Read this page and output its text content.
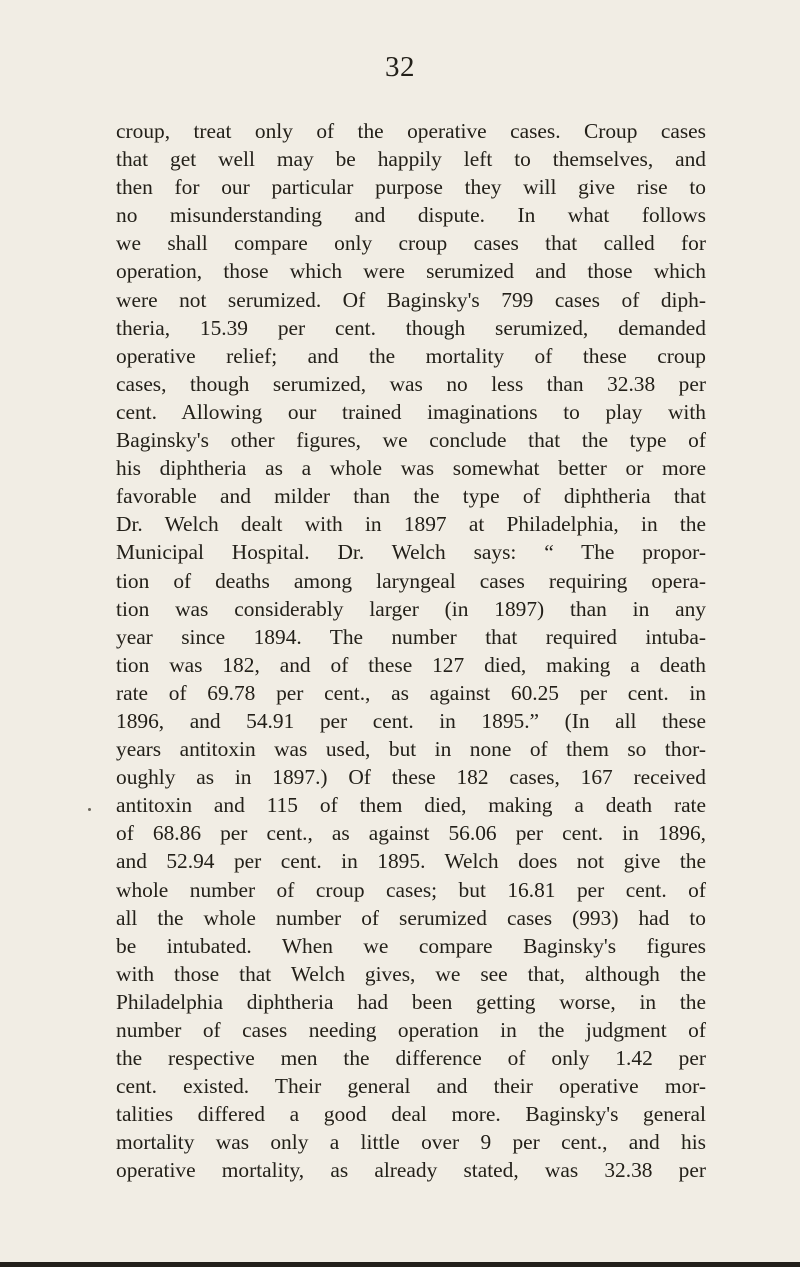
32
croup, treat only of the operative cases. Croup cases
that get well may be happily left to themselves, and
then for our particular purpose they will give rise to
no misunderstanding and dispute. In what follows
we shall compare only croup cases that called for
operation, those which were serumized and those which
were not serumized. Of Baginsky's 799 cases of diph-
theria, 15.39 per cent. though serumized, demanded
operative relief; and the mortality of these croup
cases, though serumized, was no less than 32.38 per
cent. Allowing our trained imaginations to play with
Baginsky's other figures, we conclude that the type of
his diphtheria as a whole was somewhat better or more
favorable and milder than the type of diphtheria that
Dr. Welch dealt with in 1897 at Philadelphia, in the
Municipal Hospital. Dr. Welch says: “ The propor-
tion of deaths among laryngeal cases requiring opera-
tion was considerably larger (in 1897) than in any
year since 1894. The number that required intuba-
tion was 182, and of these 127 died, making a death
rate of 69.78 per cent., as against 60.25 per cent. in
1896, and 54.91 per cent. in 1895.” (In all these
years antitoxin was used, but in none of them so thor-
oughly as in 1897.) Of these 182 cases, 167 received
antitoxin and 115 of them died, making a death rate
of 68.86 per cent., as against 56.06 per cent. in 1896,
and 52.94 per cent. in 1895. Welch does not give the
whole number of croup cases; but 16.81 per cent. of
all the whole number of serumized cases (993) had to
be intubated. When we compare Baginsky's figures
with those that Welch gives, we see that, although the
Philadelphia diphtheria had been getting worse, in the
number of cases needing operation in the judgment of
the respective men the difference of only 1.42 per
cent. existed. Their general and their operative mor-
talities differed a good deal more. Baginsky's general
mortality was only a little over 9 per cent., and his
operative mortality, as already stated, was 32.38 per
